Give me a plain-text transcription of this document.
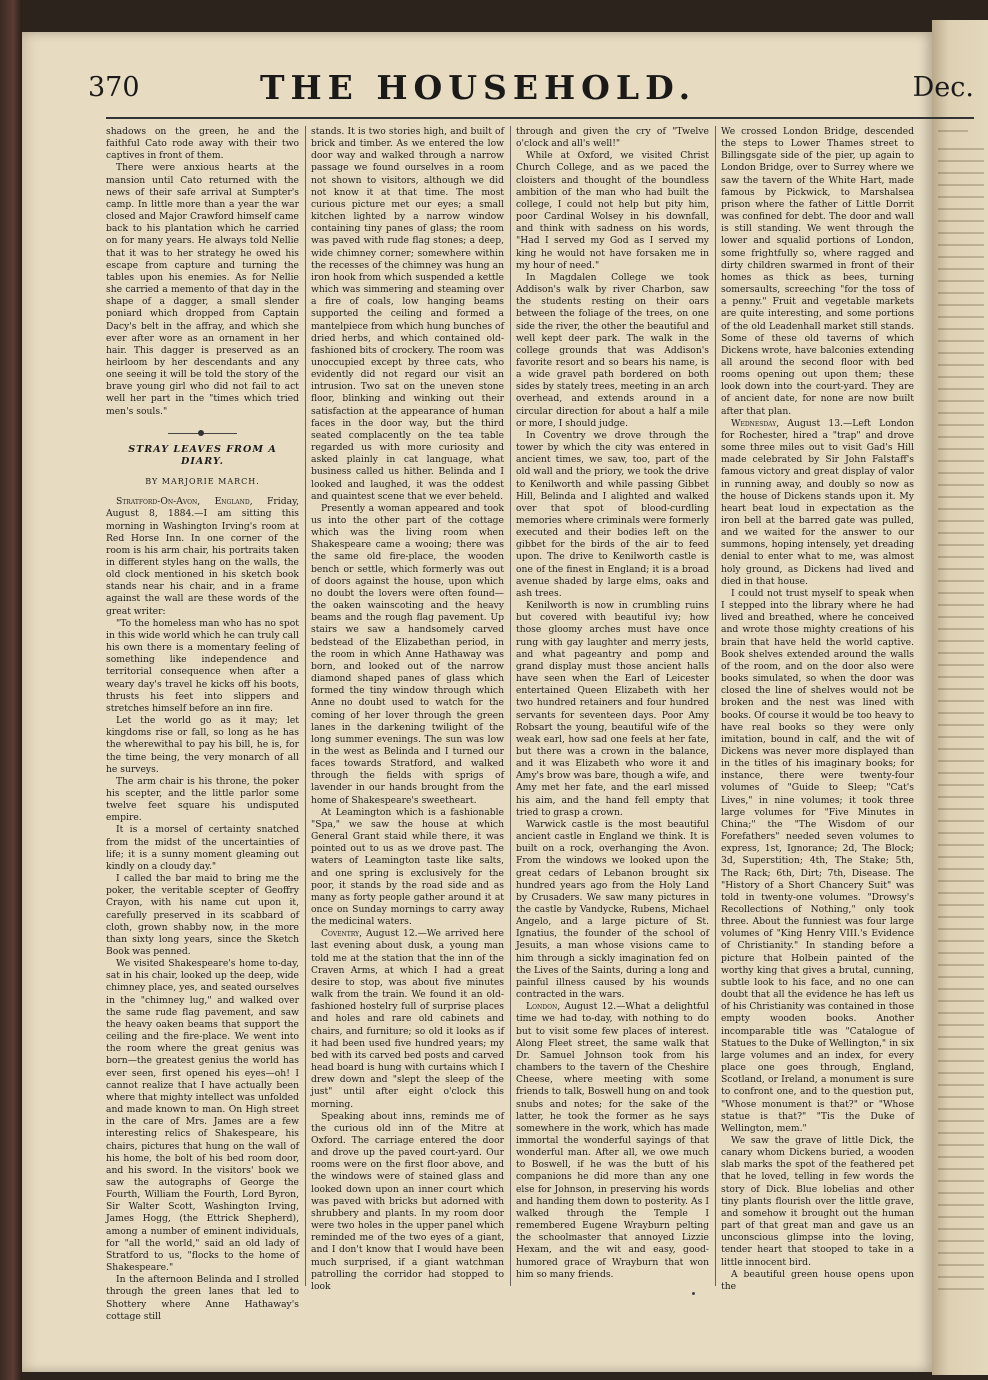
370	THE HOUSEHOLD.	Dec.

shadows on the green, he and the faithful Cato rode away with their two captives in front of them.

There were anxious hearts at the mansion until Cato returned with the news of their safe arrival at Sumpter's camp. In little more than a year the war closed and Major Crawford himself came back to his plantation which he carried on for many years. He always told Nellie that it was to her strategy he owed his escape from capture and turning the tables upon his enemies. As for Nellie she carried a memento of that day in the shape of a dagger, a small slender poniard which dropped from Captain Dacy's belt in the affray, and which she ever after wore as an ornament in her hair. This dagger is preserved as an heirloom by her descendants and any one seeing it will be told the story of the brave young girl who did not fail to act well her part in the "times which tried men's souls."

STRAY LEAVES FROM A DIARY.
BY MARJORIE MARCH.

Stratford-On-Avon, England, Friday, August 8, 1884.—I am sitting this morning in Washington Irving's room at Red Horse Inn. In one corner of the room is his arm chair, his portraits taken in different styles hang on the walls, the old clock mentioned in his sketch book stands near his chair, and in a frame against the wall are these words of the great writer:

"To the homeless man who has no spot in this wide world which he can truly call his own there is a momentary feeling of something like independence and territorial consequence when after a weary day's travel he kicks off his boots, thrusts his feet into slippers and stretches himself before an inn fire.

Let the world go as it may; let kingdoms rise or fall, so long as he has the wherewithal to pay his bill, he is, for the time being, the very monarch of all he surveys.

The arm chair is his throne, the poker his scepter, and the little parlor some twelve feet square his undisputed empire.

It is a morsel of certainty snatched from the midst of the uncertainties of life; it is a sunny moment gleaming out kindly on a cloudy day."

I called the bar maid to bring me the poker, the veritable scepter of Geoffry Crayon, with his name cut upon it, carefully preserved in its scabbard of cloth, grown shabby now, in the more than sixty long years, since the Sketch Book was penned.

We visited Shakespeare's home to-day, sat in his chair, looked up the deep, wide chimney place, yes, and seated ourselves in the "chimney lug," and walked over the same rude flag pavement, and saw the heavy oaken beams that support the ceiling and the fire-place. We went into the room where the great genius was born—the greatest genius the world has ever seen, first opened his eyes—oh! I cannot realize that I have actually been where that mighty intellect was unfolded and made known to man. On High street in the care of Mrs. James are a few interesting relics of Shakespeare, his chairs, pictures that hung on the wall of his home, the bolt of his bed room door, and his sword. In the visitors' book we saw the autographs of George the Fourth, William the Fourth, Lord Byron, Sir Walter Scott, Washington Irving, James Hogg, (the Ettrick Shepherd), among a number of eminent individuals, for "all the world," said an old lady of Stratford to us, "flocks to the home of Shakespeare."

In the afternoon Belinda and I strolled through the green lanes that led to Shottery where Anne Hathaway's cottage still

stands. It is two stories high, and built of brick and timber. As we entered the low door way and walked through a narrow passage we found ourselves in a room not shown to visitors, although we did not know it at that time. The most curious picture met our eyes; a small kitchen lighted by a narrow window containing tiny panes of glass; the room was paved with rude flag stones; a deep, wide chimney corner; somewhere within the recesses of the chimney was hung an iron hook from which suspended a kettle which was simmering and steaming over a fire of coals, low hanging beams supported the ceiling and formed a mantelpiece from which hung bunches of dried herbs, and which contained old-fashioned bits of crockery. The room was unoccupied except by three cats, who evidently did not regard our visit an intrusion. Two sat on the uneven stone floor, blinking and winking out their satisfaction at the appearance of human faces in the door way, but the third seated complacently on the tea table regarded us with more curiosity and asked plainly in cat language, what business called us hither. Belinda and I looked and laughed, it was the oddest and quaintest scene that we ever beheld.

Presently a woman appeared and took us into the other part of the cottage which was the living room when Shakespeare came a wooing; there was the same old fire-place, the wooden bench or settle, which formerly was out of doors against the house, upon which no doubt the lovers were often found—the oaken wainscoting and the heavy beams and the rough flag pavement. Up stairs we saw a handsomely carved bedstead of the Elizabethan period, in the room in which Anne Hathaway was born, and looked out of the narrow diamond shaped panes of glass which formed the tiny window through which Anne no doubt used to watch for the coming of her lover through the green lanes in the darkening twilight of the long summer evenings. The sun was low in the west as Belinda and I turned our faces towards Stratford, and walked through the fields with sprigs of lavender in our hands brought from the home of Shakespeare's sweetheart.

At Leamington which is a fashionable "Spa," we saw the house at which General Grant staid while there, it was pointed out to us as we drove past. The waters of Leamington taste like salts, and one spring is exclusively for the poor, it stands by the road side and as many as forty people gather around it at once on Sunday mornings to carry away the medicinal waters.

Coventry, August 12.—We arrived here last evening about dusk, a young man told me at the station that the inn of the Craven Arms, at which I had a great desire to stop, was about five minutes walk from the train. We found it an old-fashioned hostelry full of surprise places and holes and rare old cabinets and chairs, and furniture; so old it looks as if it had been used five hundred years; my bed with its carved bed posts and carved head board is hung with curtains which I drew down and "slept the sleep of the just" until after eight o'clock this morning.

Speaking about inns, reminds me of the curious old inn of the Mitre at Oxford. The carriage entered the door and drove up the paved court-yard. Our rooms were on the first floor above, and the windows were of stained glass and looked down upon an inner court which was paved with bricks but adorned with shrubbery and plants. In my room door were two holes in the upper panel which reminded me of the two eyes of a giant, and I don't know that I would have been much surprised, if a giant watchman patrolling the corridor had stopped to look

through and given the cry of "Twelve o'clock and all's well!"

While at Oxford, we visited Christ Church College, and as we paced the cloisters and thought of the boundless ambition of the man who had built the college, I could not help but pity him, poor Cardinal Wolsey in his downfall, and think with sadness on his words, "Had I served my God as I served my king he would not have forsaken me in my hour of need."

In Magdalen College we took Addison's walk by river Charbon, saw the students resting on their oars between the foliage of the trees, on one side the river, the other the beautiful and well kept deer park. The walk in the college grounds that was Addison's favorite resort and so bears his name, is a wide gravel path bordered on both sides by stately trees, meeting in an arch overhead, and extends around in a circular direction for about a half a mile or more, I should judge.

In Coventry we drove through the tower by which the city was entered in ancient times, we saw, too, part of the old wall and the priory, we took the drive to Kenilworth and while passing Gibbet Hill, Belinda and I alighted and walked over that spot of blood-curdling memories where criminals were formerly executed and their bodies left on the gibbet for the birds of the air to feed upon. The drive to Kenilworth castle is one of the finest in England; it is a broad avenue shaded by large elms, oaks and ash trees.

Kenilworth is now in crumbling ruins but covered with beautiful ivy; how those gloomy arches must have once rung with gay laughter and merry jests, and what pageantry and pomp and grand display must those ancient halls have seen when the Earl of Leicester entertained Queen Elizabeth with her two hundred retainers and four hundred servants for seventeen days. Poor Amy Robsart the young, beautiful wife of the weak earl, how sad one feels at her fate, but there was a crown in the balance, and it was Elizabeth who wore it and Amy's brow was bare, though a wife, and Amy met her fate, and the earl missed his aim, and the hand fell empty that tried to grasp a crown.

Warwick castle is the most beautiful ancient castle in England we think. It is built on a rock, overhanging the Avon. From the windows we looked upon the great cedars of Lebanon brought six hundred years ago from the Holy Land by Crusaders. We saw many pictures in the castle by Vandycke, Rubens, Michael Angelo, and a large picture of St. Ignatius, the founder of the school of Jesuits, a man whose visions came to him through a sickly imagination fed on the Lives of the Saints, during a long and painful illness caused by his wounds contracted in the wars.

London, August 12.—What a delightful time we had to-day, with nothing to do but to visit some few places of interest. Along Fleet street, the same walk that Dr. Samuel Johnson took from his chambers to the tavern of the Cheshire Cheese, where meeting with some friends to talk, Boswell hung on and took snubs and notes; for the sake of the latter, he took the former as he says somewhere in the work, which has made immortal the wonderful sayings of that wonderful man. After all, we owe much to Boswell, if he was the butt of his companions he did more than any one else for Johnson, in preserving his words and handing them down to posterity. As I walked through the Temple I remembered Eugene Wrayburn pelting the schoolmaster that annoyed Lizzie Hexam, and the wit and easy, good-humored grace of Wrayburn that won him so many friends.

We crossed London Bridge, descended the steps to Lower Thames street to Billingsgate side of the pier, up again to London Bridge, over to Surrey where we saw the tavern of the White Hart, made famous by Pickwick, to Marshalsea prison where the father of Little Dorrit was confined for debt. The door and wall is still standing. We went through the lower and squalid portions of London, some frightfully so, where ragged and dirty children swarmed in front of their homes as thick as bees, turning somersaults, screeching "for the toss of a penny." Fruit and vegetable markets are quite interesting, and some portions of the old Leadenhall market still stands. Some of these old taverns of which Dickens wrote, have balconies extending all around the second floor with bed rooms opening out upon them; these look down into the court-yard. They are of ancient date, for none are now built after that plan.

Wednesday, August 13.—Left London for Rochester, hired a "trap" and drove some three miles out to visit Gad's Hill made celebrated by Sir John Falstaff's famous victory and great display of valor in running away, and doubly so now as the house of Dickens stands upon it. My heart beat loud in expectation as the iron bell at the barred gate was pulled, and we waited for the answer to our summons, hoping intensely, yet dreading denial to enter what to me, was almost holy ground, as Dickens had lived and died in that house.

I could not trust myself to speak when I stepped into the library where he had lived and breathed, where he conceived and wrote those mighty creations of his brain that have held the world captive. Book shelves extended around the walls of the room, and on the door also were books simulated, so when the door was closed the line of shelves would not be broken and the nest was lined with books. Of course it would be too heavy to have real books so they were only imitation, bound in calf, and the wit of Dickens was never more displayed than in the titles of his imaginary books; for instance, there were twenty-four volumes of "Guide to Sleep; "Cat's Lives," in nine volumes; it took three large volumes for "Five Minutes in China;" the "The Wisdom of our Forefathers" needed seven volumes to express, 1st, Ignorance; 2d, The Block; 3d, Superstition; 4th, The Stake; 5th, The Rack; 6th, Dirt; 7th, Disease. The "History of a Short Chancery Suit" was told in twenty-one volumes. "Drowsy's Recollections of Nothing," only took three. About the funniest was four large volumes of "King Henry VIII.'s Evidence of Christianity." In standing before a picture that Holbein painted of the worthy king that gives a brutal, cunning, subtle look to his face, and no one can doubt that all the evidence he has left us of his Christianity was contained in those empty wooden books. Another incomparable title was "Catalogue of Statues to the Duke of Wellington," in six large volumes and an index, for every place one goes through, England, Scotland, or Ireland, a monument is sure to confront one, and to the question put, "Whose monument is that?" or "Whose statue is that?" "Tis the Duke of Wellington, mem."

We saw the grave of little Dick, the canary whom Dickens buried, a wooden slab marks the spot of the feathered pet that he loved, telling in few words the story of Dick. Blue lobelias and other tiny plants flourish over the little grave, and somehow it brought out the human part of that great man and gave us an unconscious glimpse into the loving, tender heart that stooped to take in a little innocent bird.

A beautiful green house opens upon the
